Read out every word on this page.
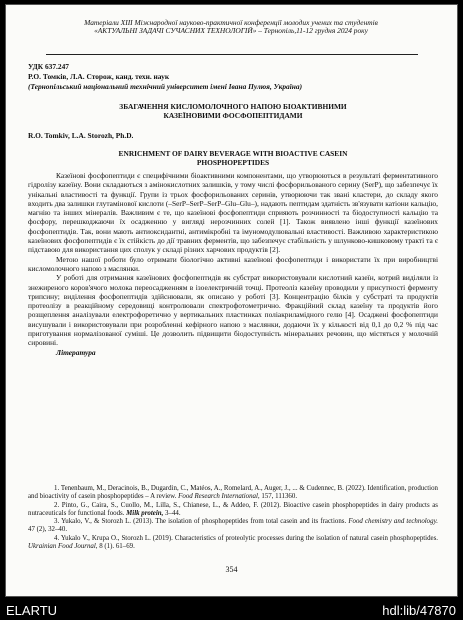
Матеріали XIII Міжнародної науково-практичної конференції молодих учених та студентів
«АКТУАЛЬНІ ЗАДАЧІ СУЧАСНИХ ТЕХНОЛОГІЙ» – Тернопіль,11-12 грудня 2024 року
УДК 637.247
Р.О. Томків, Л.А. Сторож, канд. техн. наук
(Тернопільський національний технічний університет імені Івана Пулюя, Україна)
ЗБАГАЧЕННЯ КИСЛОМОЛОЧНОГО НАПОЮ БІОАКТИВНИМИ
КАЗЕЇНОВИМИ ФОСФОПЕПТИДАМИ
R.O. Tomkiv, L.A. Storozh, Ph.D.
ENRICHMENT OF DAIRY BEVERAGE WITH BIOACTIVE CASEIN
PHOSPHOPEPTIDES

Казеїнові фосфопептиди є специфічними біоактивними компонентами, що утворюються в результаті ферментативного гідролізу казеїну. Вони складаються з амінокислотних залишків, у тому числі фосфорильованого серину (SerP), що забезпечує їх унікальні властивості та функції. Групи із трьох фосфорильованих серинів, утворюючи так звані кластери, до складу якого входить два залишки глутамінової кислоти (–SerP–SerP–SerP–Glu–Glu–), надають пептидам здатність зв'язувати катіони кальцію, магнію та інших мінералів. Важливим є те, що казеїнові фосфопептиди сприяють розчинності та біодоступності кальцію та фосфору, перешкоджаючи їх осадженню у вигляді нерозчинних солей [1]. Також виявлено інші функції казеїнових фосфопептидів. Так, вони мають антиоксидантні, антимікробні та імуномодулювальні властивості. Важливою характеристикою казеїнових фосфопептидів є їх стійкість до дії травних ферментів, що забезпечує стабільність у шлунково-кишковому тракті та є підставою для використання цих сполук у складі різних харчових продуктів [2].

Метою нашої роботи було отримати біологічно активні казеїнові фосфопептиди і використати їх при виробництві кисломолочного напою з маслянки.

У роботі для отримання казеїнових фосфопептидів як субстрат використовували кислотний казеїн, котрий виділяли із знежиреного коров'ячого молока переосадженням в ізоелектричній точці. Протеоліз казеїну проводили у присутності ферменту трипсину; виділення фосфопептидів здійснювали, як описано у роботі [3]. Концентрацію білків у субстраті та продуктів протеолізу в реакційному середовищі контролювали спектрофотометрично. Фракційний склад казеїну та продуктів його розщеплення аналізували електрофоретично у вертикальних пластинках поліакриламідного гелю [4]. Осаджені фосфопептиди висушували і використовували при розробленні кефірного напою з маслянки, додаючи їх у кількості від 0,1 до 0,2 % під час приготування нормалізованої суміші. Це дозволить підвищити біодоступність мінеральних речовин, що містяться у молочній сировині.

Література

1. Tenenbaum, M., Deracinois, B., Dugardin, C., Matéos, A., Romelard, A., Auger, J., ... & Cudennec, B. (2022). Identification, production and bioactivity of casein phosphopeptides – A review. Food Research International, 157, 111360.

2. Pinto, G., Caira, S., Cuollo, M., Lilla, S., Chianese, L., & Addeo, F. (2012). Bioactive casein phosphopeptides in dairy products as nutraceuticals for functional foods. Milk protein, 3–44.

3. Yukalo, V., & Storozh L. (2013). The isolation of phosphopeptides from total casein and its fractions. Food chemistry and technology. 47 (2), 32–40.

4. Yukalo V., Krupa O., Storozh L. (2019). Characteristics of proteolytic processes during the isolation of natural casein phosphopeptides. Ukrainian Food Journal, 8 (1). 61–69.

354
ELARTU	hdl:lib/47870
